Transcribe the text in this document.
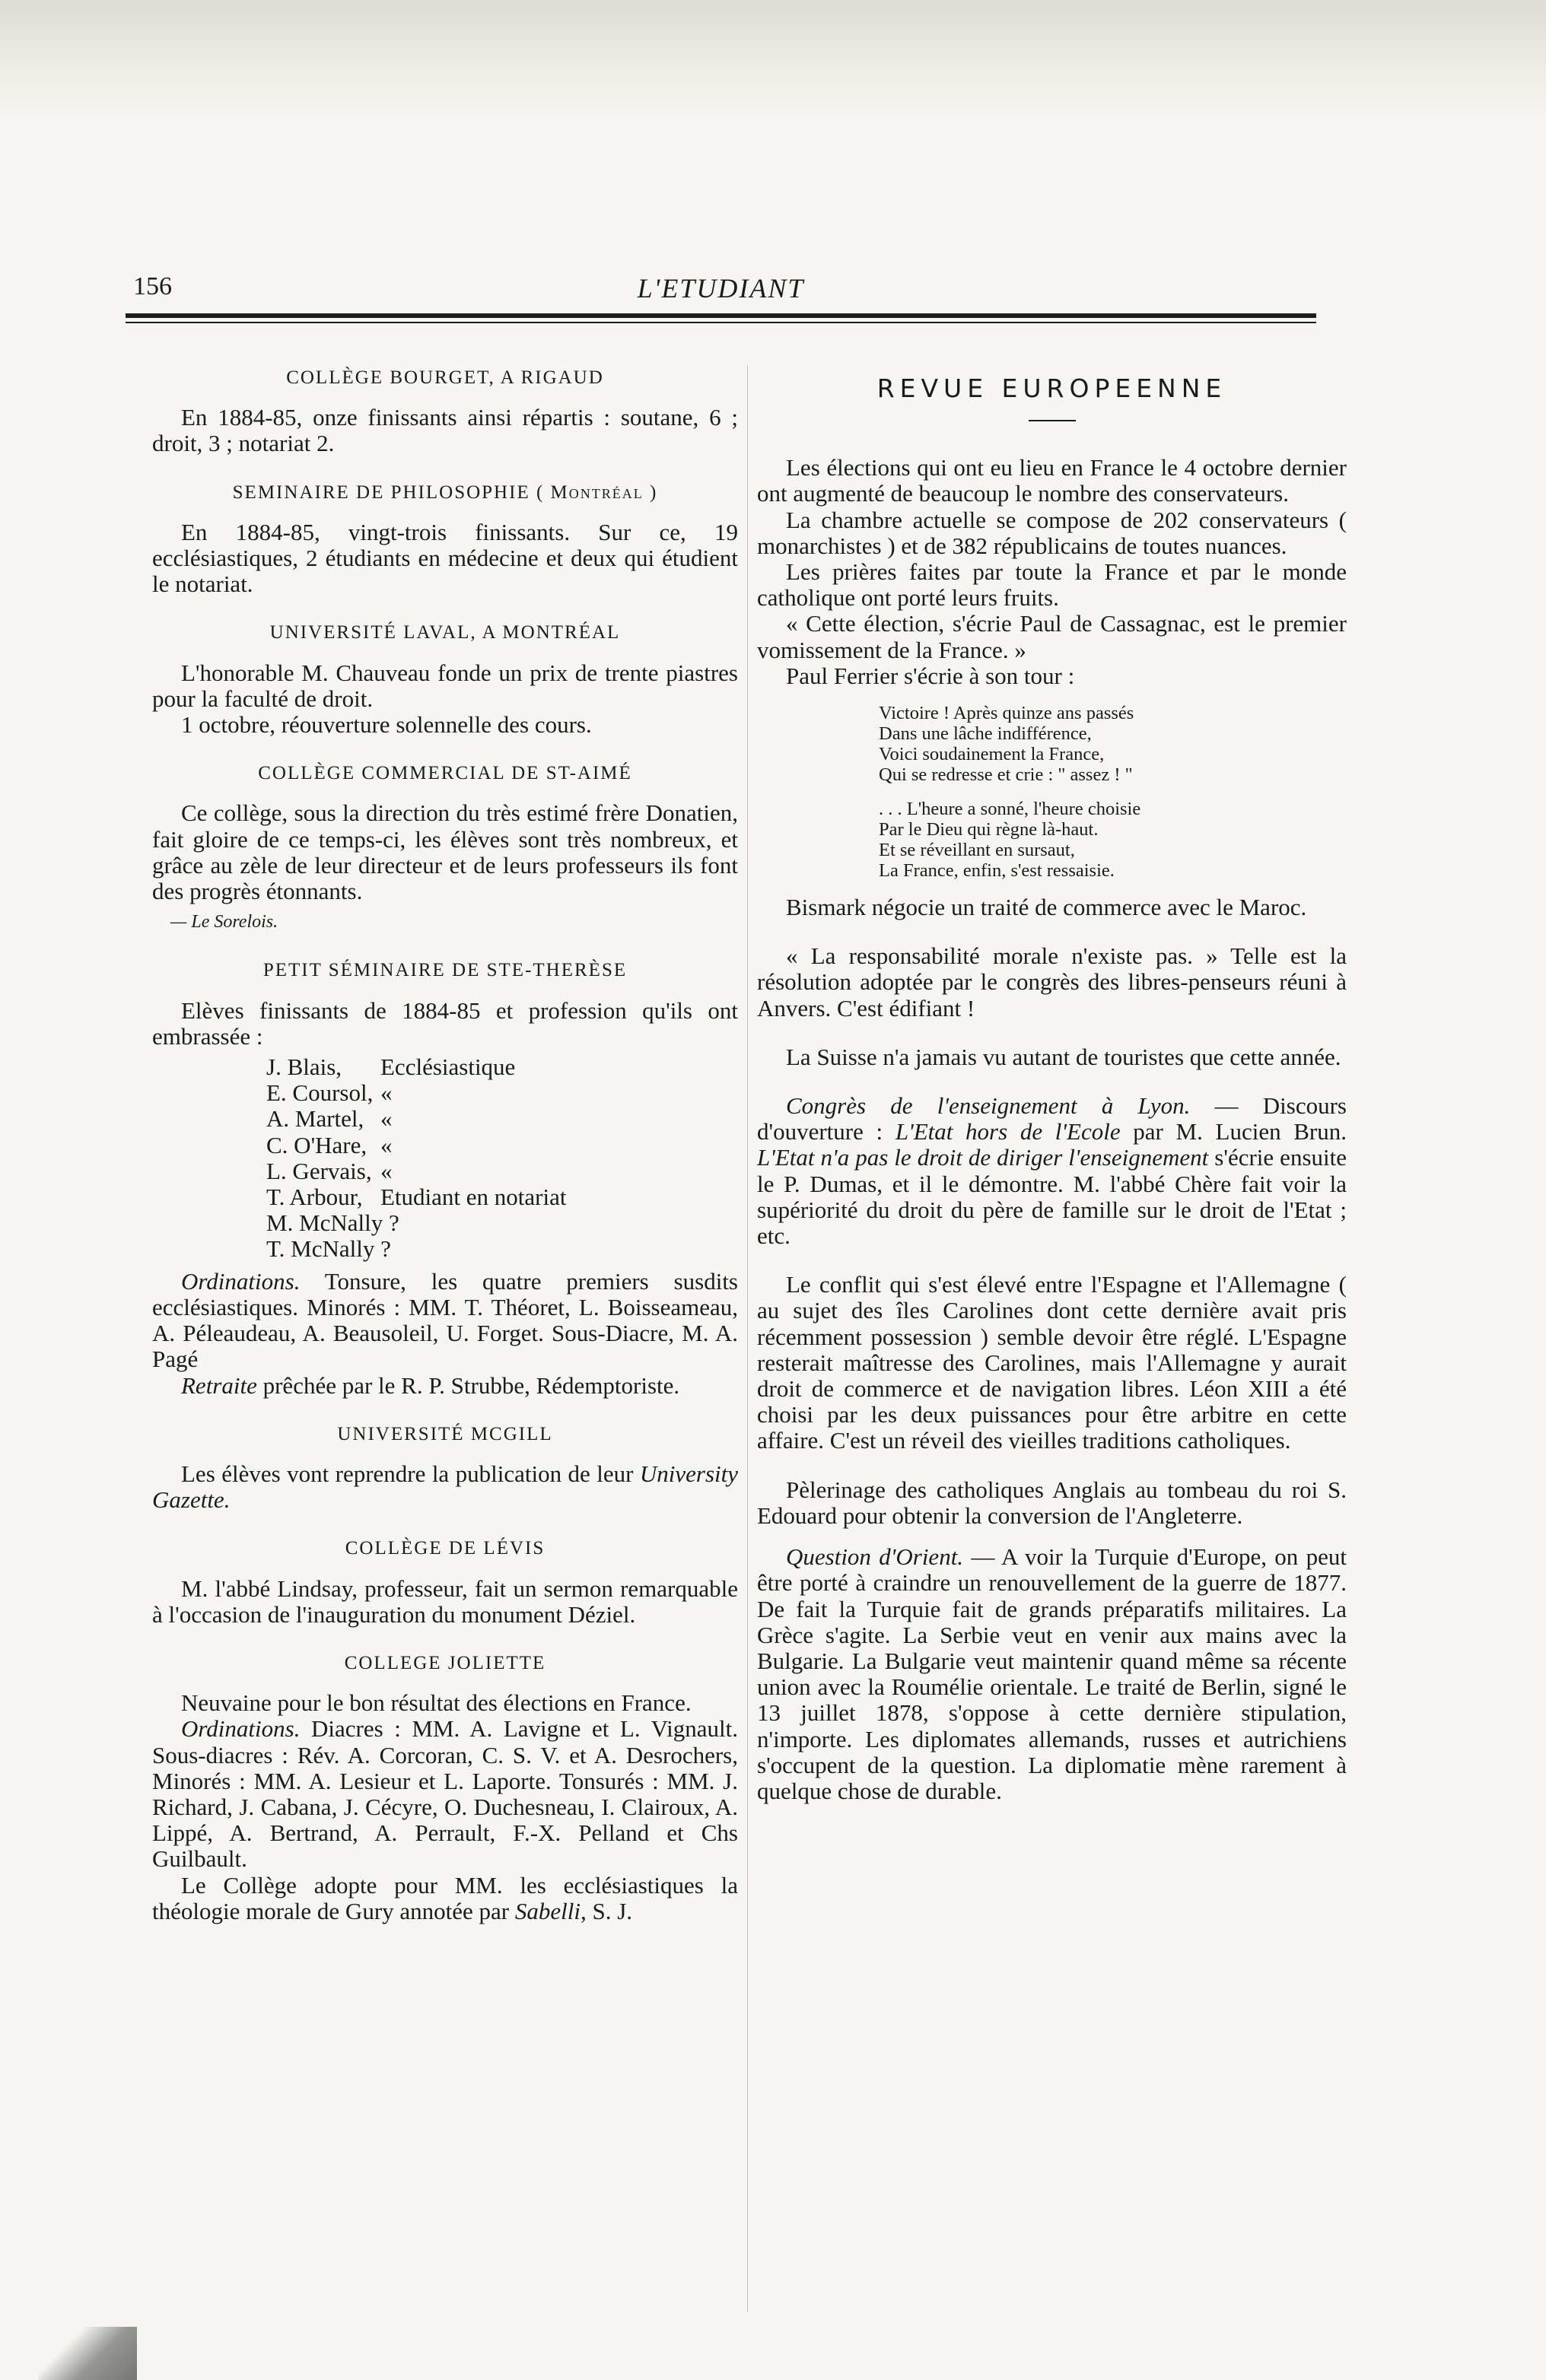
156	L'ETUDIANT
COLLÈGE BOURGET, A RIGAUD

En 1884-85, onze finissants ainsi répartis : soutane, 6 ; droit, 3 ; notariat 2.

SEMINAIRE DE PHILOSOPHIE ( Montréal )

En 1884-85, vingt-trois finissants. Sur ce, 19 ecclésiastiques, 2 étudiants en médecine et deux qui étudient le notariat.

UNIVERSITÉ LAVAL, A MONTRÉAL

L'honorable M. Chauveau fonde un prix de trente piastres pour la faculté de droit.

1 octobre, réouverture solennelle des cours.

COLLÈGE COMMERCIAL DE ST-AIMÉ

Ce collège, sous la direction du très estimé frère Donatien, fait gloire de ce temps-ci, les élèves sont très nombreux, et grâce au zèle de leur directeur et de leurs professeurs ils font des progrès étonnants.

— Le Sorelois.
PETIT SÉMINAIRE DE STE-THERÈSE

Elèves finissants de 1884-85 et profession qu'ils ont embrassée :

J. Blais,	Ecclésiastique
E. Coursol, «
A. Martel, «
C. O'Hare, «
L. Gervais, «
T. Arbour, Etudiant en notariat
M. McNally ?
T. McNally ?

Ordinations. Tonsure, les quatre premiers susdits ecclésiastiques. Minorés : MM. T. Théoret, L. Boisseameau, A. Péleaudeau, A. Beausoleil, U. Forget. Sous-Diacre, M. A. Pagé

Retraite prêchée par le R. P. Strubbe, Rédemptoriste.

UNIVERSITÉ MCGILL

Les élèves vont reprendre la publication de leur University Gazette.

COLLÈGE DE LÉVIS

M. l'abbé Lindsay, professeur, fait un sermon remarquable à l'occasion de l'inauguration du monument Déziel.

COLLEGE JOLIETTE

Neuvaine pour le bon résultat des élections en France.

Ordinations. Diacres : MM. A. Lavigne et L. Vignault. Sous-diacres : Rév. A. Corcoran, C. S. V. et A. Desrochers, Minorés : MM. A. Lesieur et L. Laporte. Tonsurés : MM. J. Richard, J. Cabana, J. Cécyre, O. Duchesneau, I. Clairoux, A. Lippé, A. Bertrand, A. Perrault, F.-X. Pelland et Chs Guilbault.

Le Collège adopte pour MM. les ecclésiastiques la théologie morale de Gury annotée par Sabelli, S. J.

REVUE EUROPEENNE

Les élections qui ont eu lieu en France le 4 octobre dernier ont augmenté de beaucoup le nombre des conservateurs.

La chambre actuelle se compose de 202 conservateurs ( monarchistes ) et de 382 républicains de toutes nuances.

Les prières faites par toute la France et par le monde catholique ont porté leurs fruits.

« Cette élection, s'écrie Paul de Cassagnac, est le premier vomissement de la France. »

Paul Ferrier s'écrie à son tour :

Victoire ! Après quinze ans passés
Dans une lâche indifférence,
Voici soudainement la France,
Qui se redresse et crie : " assez ! "
. . . L'heure a sonné, l'heure choisie
Par le Dieu qui règne là-haut.
Et se réveillant en sursaut,
La France, enfin, s'est ressaisie.

Bismark négocie un traité de commerce avec le Maroc.

« La responsabilité morale n'existe pas. » Telle est la résolution adoptée par le congrès des libres-penseurs réuni à Anvers. C'est édifiant !

La Suisse n'a jamais vu autant de touristes que cette année.

Congrès de l'enseignement à Lyon. — Discours d'ouverture : L'Etat hors de l'Ecole par M. Lucien Brun. L'Etat n'a pas le droit de diriger l'enseignement s'écrie ensuite le P. Dumas, et il le démontre. M. l'abbé Chère fait voir la supériorité du droit du père de famille sur le droit de l'Etat ; etc.

Le conflit qui s'est élevé entre l'Espagne et l'Allemagne ( au sujet des îles Carolines dont cette dernière avait pris récemment possession ) semble devoir être réglé. L'Espagne resterait maîtresse des Carolines, mais l'Allemagne y aurait droit de commerce et de navigation libres. Léon XIII a été choisi par les deux puissances pour être arbitre en cette affaire. C'est un réveil des vieilles traditions catholiques.

Pèlerinage des catholiques Anglais au tombeau du roi S. Edouard pour obtenir la conversion de l'Angleterre.

Question d'Orient. — A voir la Turquie d'Europe, on peut être porté à craindre un renouvellement de la guerre de 1877. De fait la Turquie fait de grands préparatifs militaires. La Grèce s'agite. La Serbie veut en venir aux mains avec la Bulgarie. La Bulgarie veut maintenir quand même sa récente union avec la Roumélie orientale. Le traité de Berlin, signé le 13 juillet 1878, s'oppose à cette dernière stipulation, n'importe. Les diplomates allemands, russes et autrichiens s'occupent de la question. La diplomatie mène rarement à quelque chose de durable.
